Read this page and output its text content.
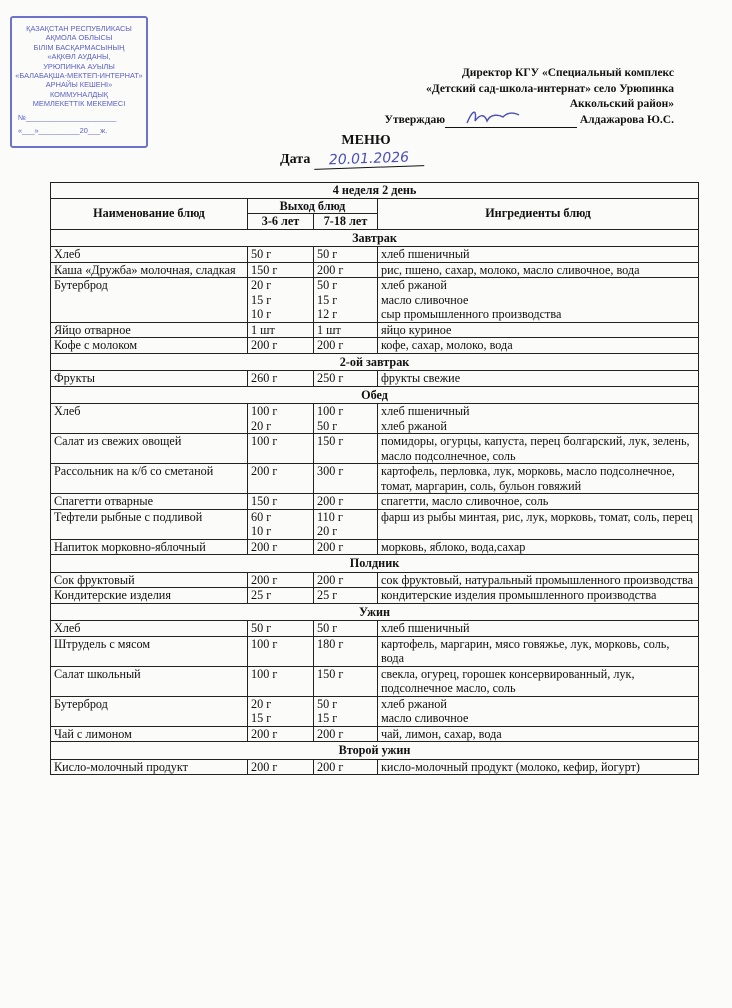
ҚАЗАҚСТАН РЕСПУБЛИКАСЫ
АҚМОЛА ОБЛЫСЫ
БІЛІМ БАСҚАРМАСЫНЫҢ
«АҚКӨЛ АУДАНЫ,
УРЮПИНКА АУЫЛЫ
«БАЛАБАҚША-МЕКТЕП-ИНТЕРНАТ»
АРНАЙЫ КЕШЕНІ»
КОММУНАЛДЫҚ
МЕМЛЕКЕТТІК МЕКЕМЕСІ
№______________________
«___»__________20___ж.
Директор КГУ «Специальный комплекс
«Детский сад-школа-интернат» село Урюпинка
Аккольский район»
Утверждаю	Алдажарова Ю.С.
МЕНЮ
Дата 20.01.2026
4 неделя 2 день			
Наименование блюд	Выход блюд		Ингредиенты блюд
	3-6 лет	7-18 лет	
Завтрак			
Хлеб	50 г	50 г	хлеб пшеничный

Каша «Дружба» молочная, сладкая	150 г	200 г	рис, пшено, сахар, молоко, масло сливочное, вода

Бутерброд	20 г
15 г
10 г	50 г
15 г
12 г	хлеб ржаной
масло сливочное
сыр промышленного производства

Яйцо отварное	1 шт	1 шт	яйцо куриное

Кофе с молоком	200 г	200 г	кофе, сахар, молоко, вода

2-ой завтрак			
Фрукты	260 г	250 г	фрукты свежие

Обед			
Хлеб	100 г
20 г	100 г
50 г	хлеб пшеничный
хлеб ржаной

Салат из свежих овощей	100 г	150 г	помидоры, огурцы, капуста, перец болгарский, лук, зелень, масло подсолнечное, соль

Рассольник на к/б со сметаной	200 г	300 г	картофель, перловка, лук, морковь, масло подсолнечное, томат, маргарин, соль, бульон говяжий

Спагетти отварные	150 г	200 г	спагетти, масло сливочное, соль

Тефтели рыбные с подливой	60 г
10 г	110 г
20 г	фарш из рыбы минтая, рис, лук, морковь, томат, соль, перец

Напиток морковно-яблочный	200 г	200 г	морковь, яблоко, вода,сахар

Полдник			
Сок фруктовый	200 г	200 г	сок фруктовый, натуральный промышленного производства

Кондитерские изделия	25 г	25 г	кондитерские изделия промышленного производства

Ужин			
Хлеб	50 г	50 г	хлеб пшеничный

Штрудель с мясом	100 г	180 г	картофель, маргарин, мясо говяжье, лук, морковь, соль, вода

Салат школьный	100 г	150 г	свекла, огурец, горошек консервированный, лук, подсолнечное масло, соль

Бутерброд	20 г
15 г	50 г
15 г	хлеб ржаной
масло сливочное

Чай с лимоном	200 г	200 г	чай, лимон, сахар, вода

Второй ужин			
Кисло-молочный продукт	200 г	200 г	кисло-молочный продукт (молоко, кефир, йогурт)
